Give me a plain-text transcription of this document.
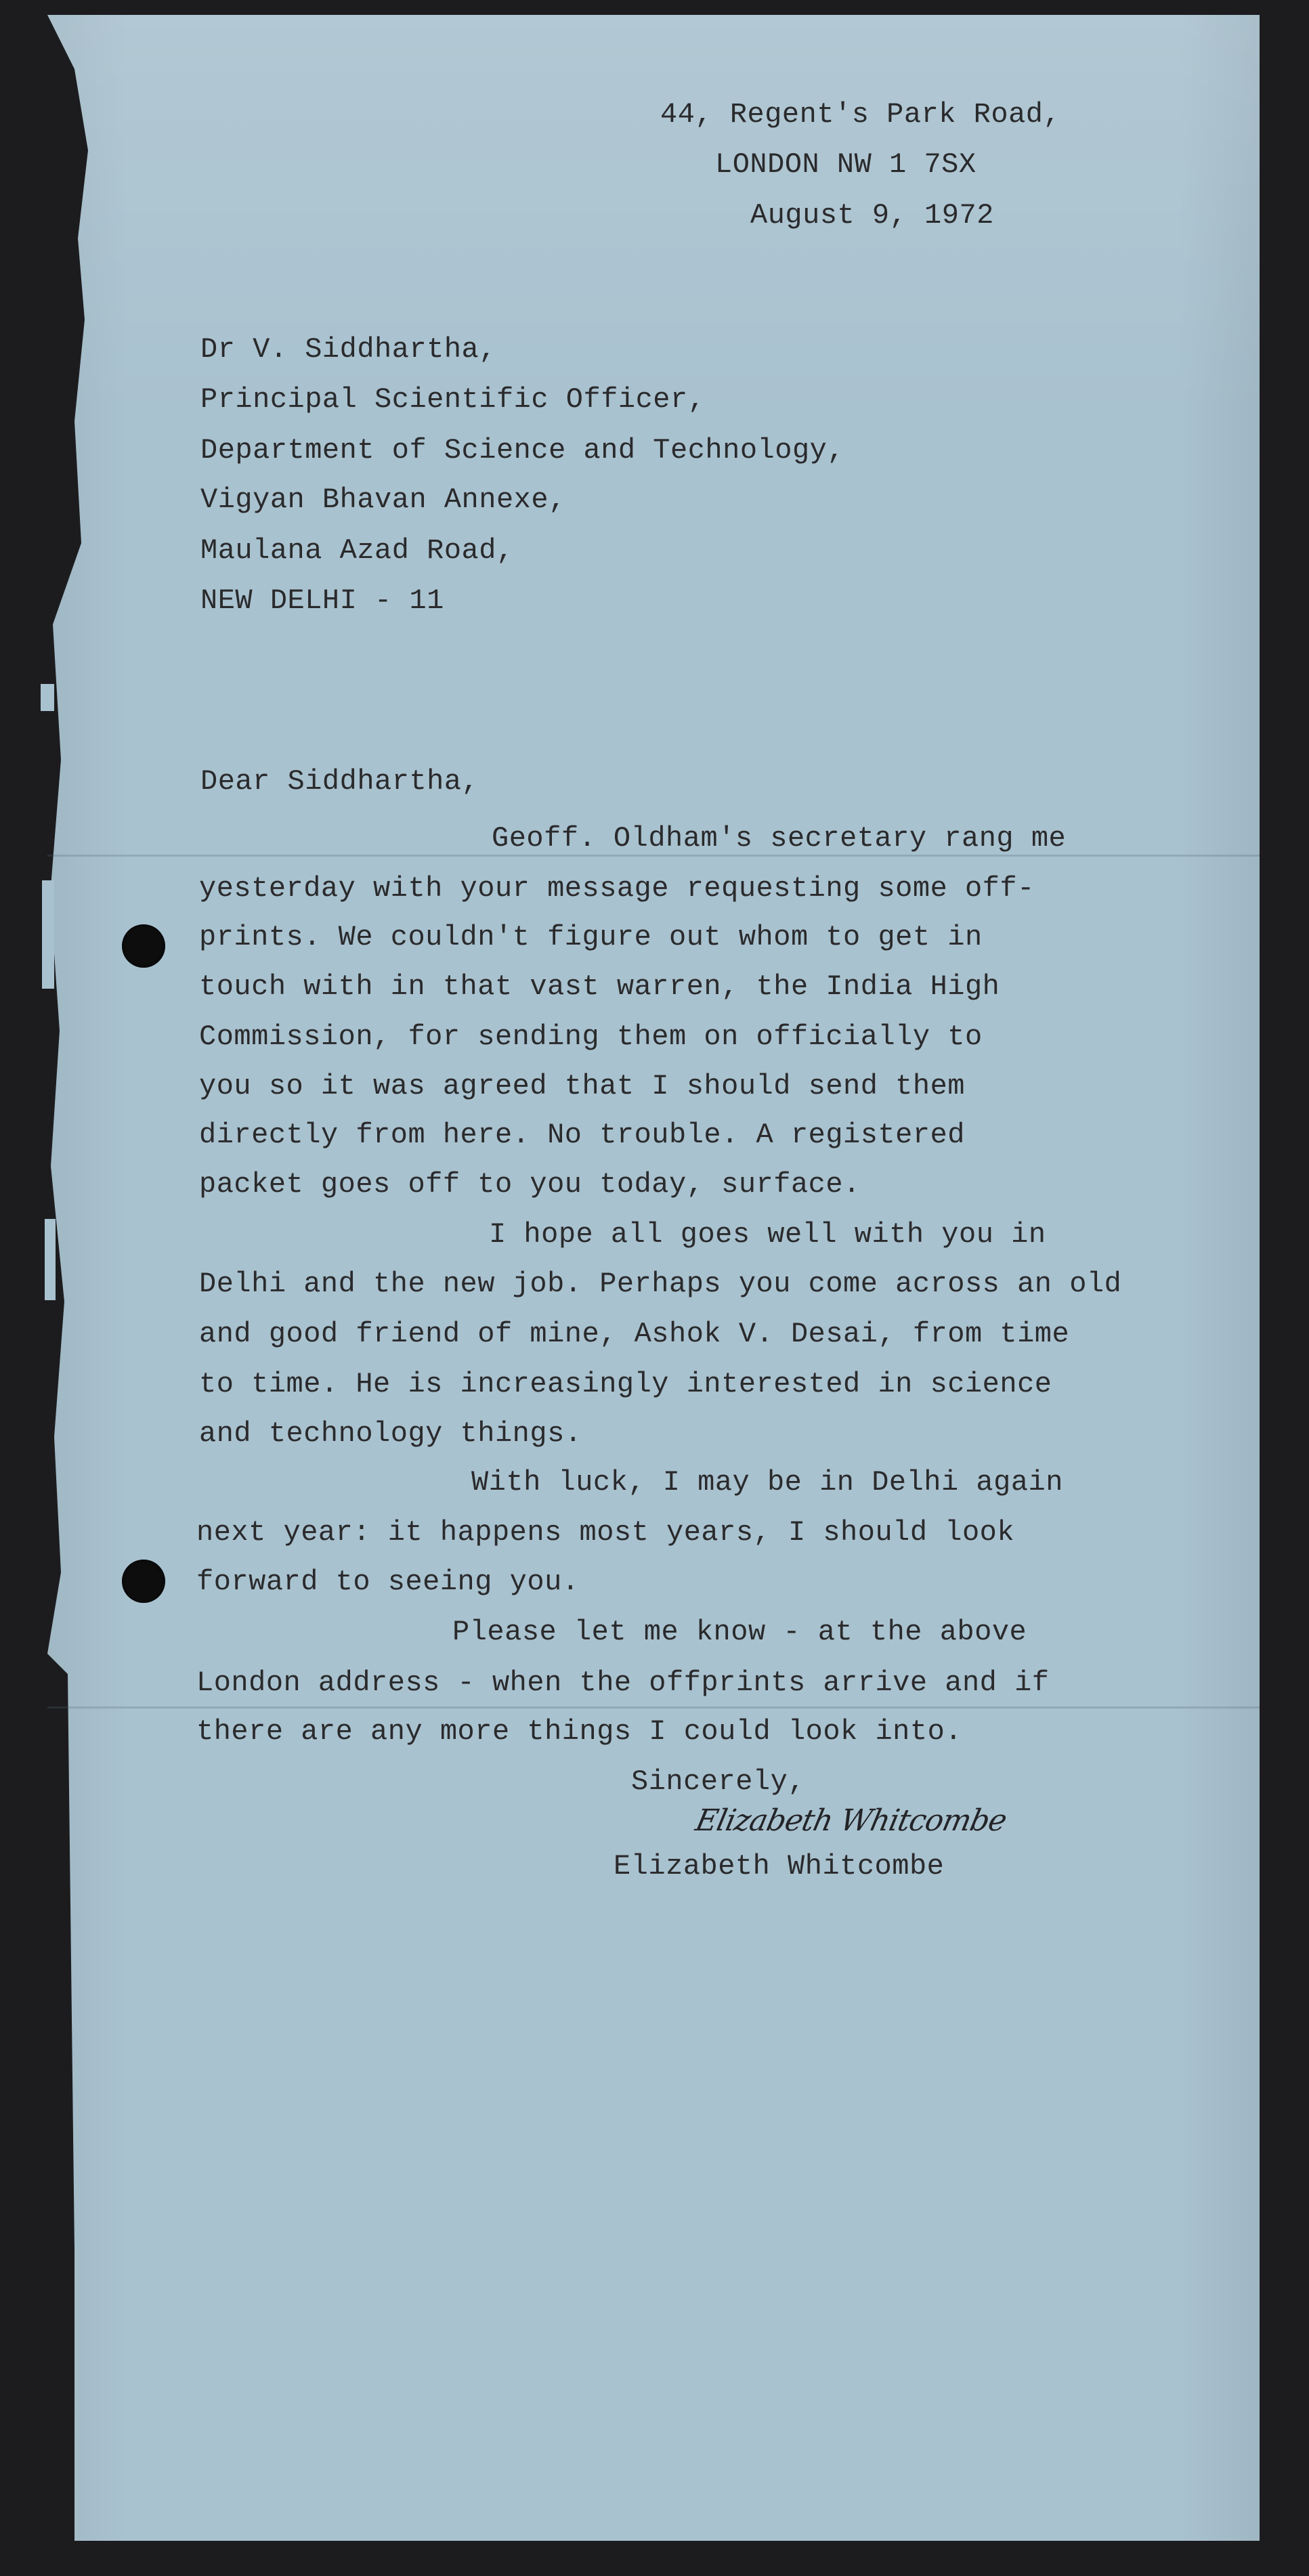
44, Regent's Park Road,
LONDON NW 1 7SX
August 9, 1972
Dr V. Siddhartha,
Principal Scientific Officer,
Department of Science and Technology,
Vigyan Bhavan Annexe,
Maulana Azad Road,
NEW DELHI - 11
Dear Siddhartha,
Geoff. Oldham's secretary rang me
yesterday with your message requesting some off-
prints. We couldn't figure out whom to get in
touch with in that vast warren, the India High
Commission, for sending them on officially to
you so it was agreed that I should send them
directly from here. No trouble. A registered
packet goes off to you today, surface.
I hope all goes well with you in
Delhi and the new job. Perhaps you come across an old
and good friend of mine, Ashok V. Desai, from time
to time. He is increasingly interested in science
and technology things.
With luck, I may be in Delhi again
next year: it happens most years, I should look
forward to seeing you.
Please let me know - at the above
London address - when the offprints arrive and if
there are any more things I could look into.
Sincerely,
Elizabeth Whitcombe
Elizabeth Whitcombe
